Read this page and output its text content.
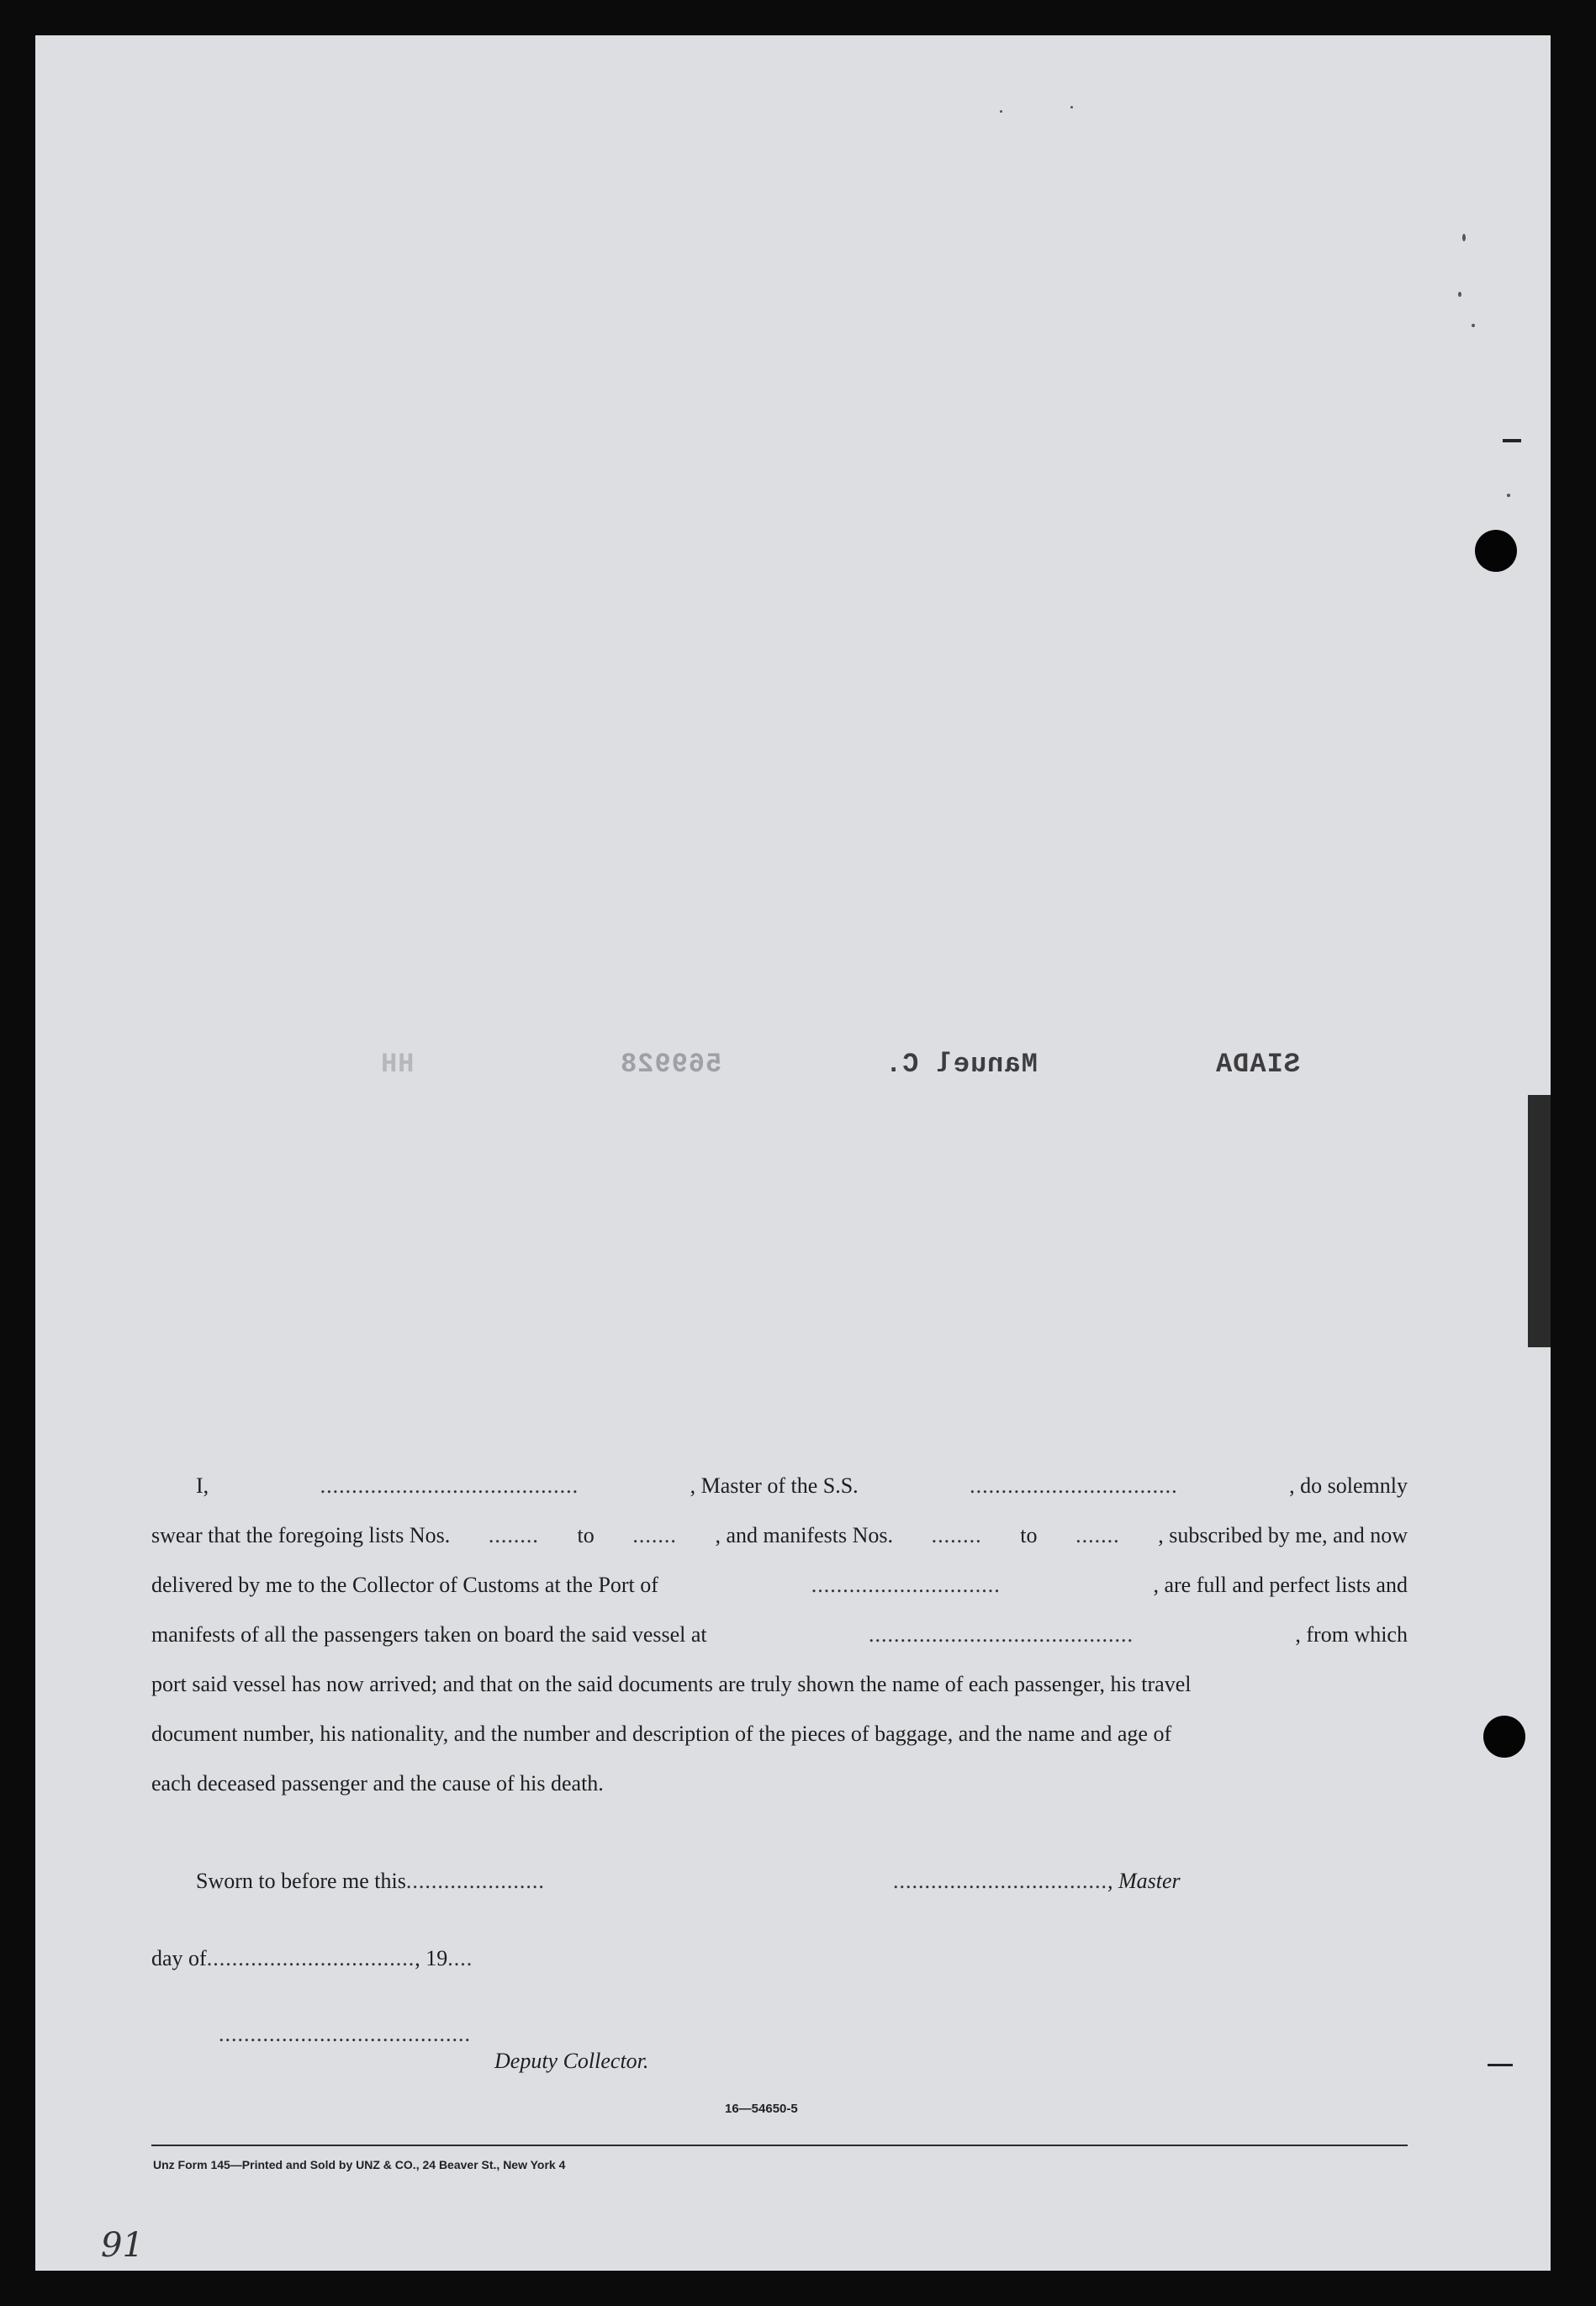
SIADA
Manuel C.
569928
HH
I,	.........................................	, Master of the S.S.	.................................	, do solemnly
swear that the foregoing lists Nos. ........ to ....... , and manifests Nos. ........ to ....... , subscribed by me, and now
delivered by me to the Collector of Customs at the Port of	..............................	, are full and perfect lists and
manifests of all the passengers taken on board the said vessel at	..........................................	, from which
port said vessel has now arrived; and that on the said documents are truly shown the name of each passenger, his travel
document number, his nationality, and the number and description of the pieces of baggage, and the name and age of
each deceased passenger and the cause of his death.
Sworn to before me this......................	.................................., Master
day of................................., 19....
........................................
Deputy Collector.
16—54650-5
Unz Form 145—Printed and Sold by UNZ & CO., 24 Beaver St., New York 4
91
